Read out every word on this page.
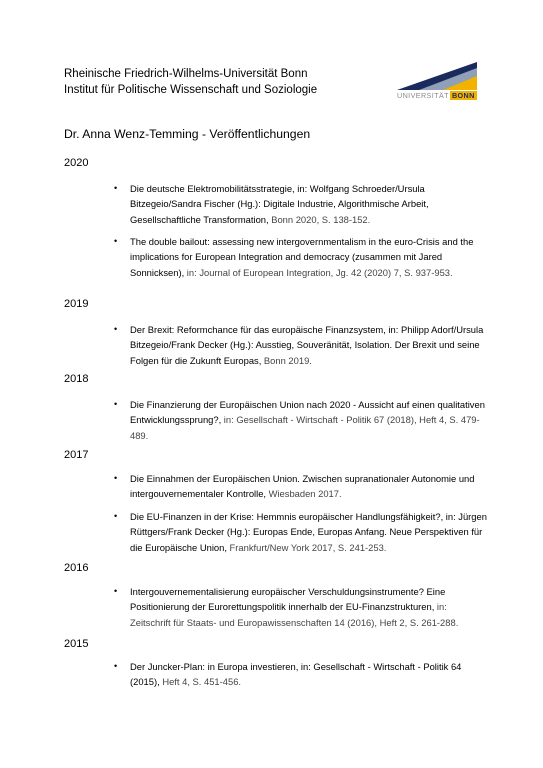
Rheinische Friedrich-Wilhelms-Universität Bonn
Institut für Politische Wissenschaft und Soziologie	UNIVERSITÄT BONN
Dr. Anna Wenz-Temming - Veröffentlichungen
2020
• Die deutsche Elektromobilitätsstrategie, in: Wolfgang Schroeder/Ursula Bitzegeio/Sandra Fischer (Hg.): Digitale Industrie, Algorithmische Arbeit, Gesellschaftliche Transformation, Bonn 2020, S. 138-152.
• The double bailout: assessing new intergovernmentalism in the euro-Crisis and the implications for European Integration and democracy (zusammen mit Jared Sonnicksen), in: Journal of European Integration, Jg. 42 (2020) 7, S. 937-953.
2019
• Der Brexit: Reformchance für das europäische Finanzsystem, in: Philipp Adorf/Ursula Bitzegeio/Frank Decker (Hg.): Ausstieg, Souveränität, Isolation. Der Brexit und seine Folgen für die Zukunft Europas, Bonn 2019.
2018
• Die Finanzierung der Europäischen Union nach 2020 - Aussicht auf einen qualitativen Entwicklungssprung?, in: Gesellschaft - Wirtschaft - Politik 67 (2018), Heft 4, S. 479-489.
2017
• Die Einnahmen der Europäischen Union. Zwischen supranationaler Autonomie und intergouvernementaler Kontrolle, Wiesbaden 2017.
• Die EU-Finanzen in der Krise: Hemmnis europäischer Handlungsfähigkeit?, in: Jürgen Rüttgers/Frank Decker (Hg.): Europas Ende, Europas Anfang. Neue Perspektiven für die Europäische Union, Frankfurt/New York 2017, S. 241-253.
2016
• Intergouvernementalisierung europäischer Verschuldungsinstrumente? Eine Positionierung der Eurorettungspolitik innerhalb der EU-Finanzstrukturen, in: Zeitschrift für Staats- und Europawissenschaften 14 (2016), Heft 2, S. 261-288.
2015
• Der Juncker-Plan: in Europa investieren, in: Gesellschaft - Wirtschaft - Politik 64 (2015), Heft 4, S. 451-456.
